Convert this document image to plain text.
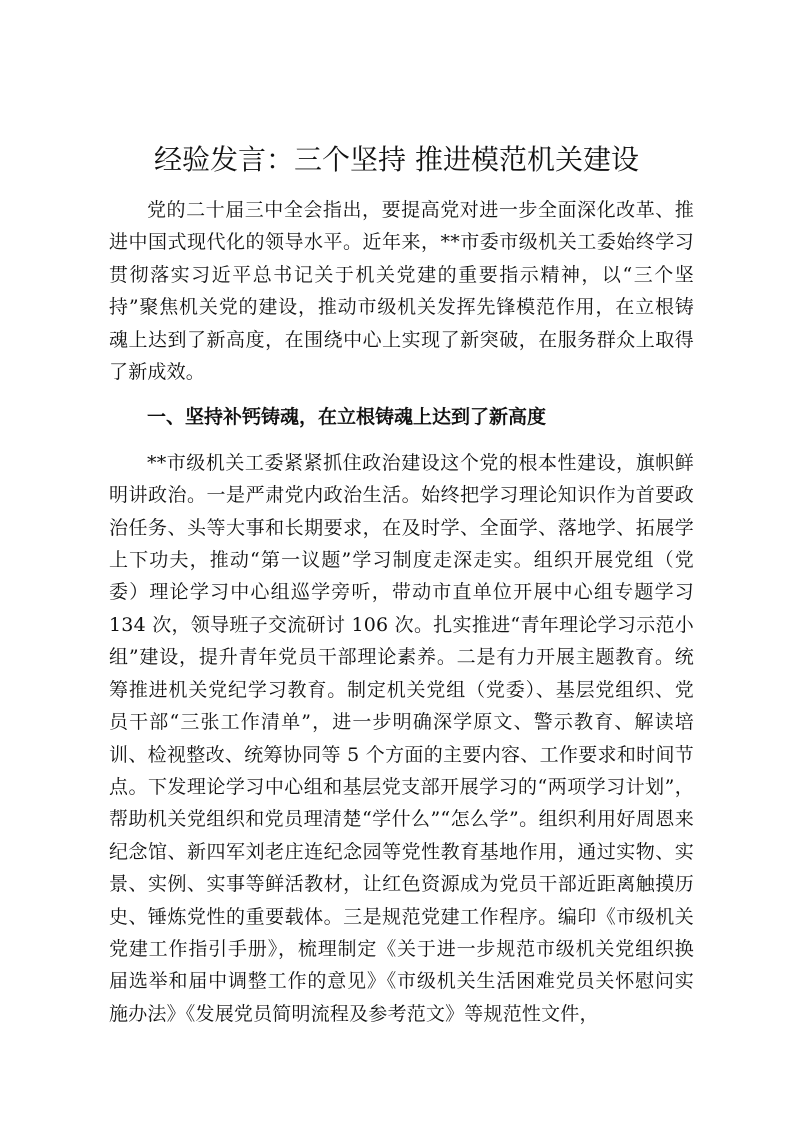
经验发言：三个坚持 推进模范机关建设

党的二十届三中全会指出，要提高党对进一步全面深化改革、推进中国式现代化的领导水平。近年来，**市委市级机关工委始终学习贯彻落实习近平总书记关于机关党建的重要指示精神，以“三个坚持”聚焦机关党的建设，推动市级机关发挥先锋模范作用，在立根铸魂上达到了新高度，在围绕中心上实现了新突破，在服务群众上取得了新成效。

一、坚持补钙铸魂，在立根铸魂上达到了新高度

**市级机关工委紧紧抓住政治建设这个党的根本性建设，旗帜鲜明讲政治。一是严肃党内政治生活。始终把学习理论知识作为首要政治任务、头等大事和长期要求，在及时学、全面学、落地学、拓展学上下功夫，推动“第一议题”学习制度走深走实。组织开展党组（党委）理论学习中心组巡学旁听，带动市直单位开展中心组专题学习 134 次，领导班子交流研讨 106 次。扎实推进“青年理论学习示范小组”建设，提升青年党员干部理论素养。二是有力开展主题教育。统筹推进机关党纪学习教育。制定机关党组（党委）、基层党组织、党员干部“三张工作清单”，进一步明确深学原文、警示教育、解读培训、检视整改、统筹协同等 5 个方面的主要内容、工作要求和时间节点。下发理论学习中心组和基层党支部开展学习的“两项学习计划”，帮助机关党组织和党员理清楚“学什么”“怎么学”。组织利用好周恩来纪念馆、新四军刘老庄连纪念园等党性教育基地作用，通过实物、实景、实例、实事等鲜活教材，让红色资源成为党员干部近距离触摸历史、锤炼党性的重要载体。三是规范党建工作程序。编印《市级机关党建工作指引手册》，梳理制定《关于进一步规范市级机关党组织换届选举和届中调整工作的意见》《市级机关生活困难党员关怀慰问实施办法》《发展党员简明流程及参考范文》等规范性文件，
